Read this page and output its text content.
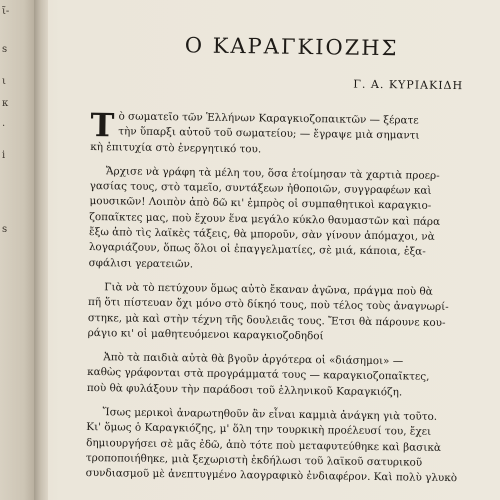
ῖ-
s
ι
κ
.
i
s
Ο ΚΑΡΑΓΚΙΟΖΗΣ
Γ. Α. ΚΥΡΙΑΚΙΔΗ
Τ ὸ σωματεῖο τῶν Ἑλλήνων Καραγκιοζοπαικτῶν — ξέρατε
τὴν ὕπαρξι αὐτοῦ τοῦ σωματείου; — ἔγραψε μιὰ σημαντι
κὴ ἐπιτυχία στὸ ἐνεργητικό του.
Ἄρχισε νὰ γράφη τὰ μέλη του, ὅσα ἑτοίμησαν τὰ χαρτιὰ προερ-
γασίας τους, στὸ ταμεῖο, συντάξεων ἠθοποιῶν, συγγραφέων καὶ
μουσικῶν! Λοιπὸν ἀπὸ δῶ κι' ἐμπρὸς οἱ συμπαθητικοὶ καραγκιο-
ζοπαῖκτες μας, ποὺ ἔχουν ἕνα μεγάλο κύκλο θαυμαστῶν καὶ πάρα
ἔξω ἀπὸ τὶς λαϊκὲς τάξεις, θὰ μποροῦν, σὰν γίνουν ἀπόμαχοι, νὰ
λογαριάζουν, ὅπως ὅλοι οἱ ἐπαγγελματίες, σὲ μιά, κάποια, ἐξα-
σφάλισι γερατειῶν.
Γιὰ νὰ τὸ πετύχουν ὅμως αὐτὸ ἔκαναν ἀγῶνα, πράγμα ποὺ θὰ
πῆ ὅτι πίστευαν ὄχι μόνο στὸ δίκηό τους, ποὺ τέλος τοὺς ἀναγνωρί-
στηκε, μὰ καὶ στὴν τέχνη τῆς δουλειᾶς τους. Ἔτσι θὰ πάρουνε κου-
ράγιο κι' οἱ μαθητευόμενοι καραγκιοζοδηδοί
Ἀπὸ τὰ παιδιὰ αὐτὰ θὰ βγοῦν ἀργότερα οἱ «διάσημοι» —
καθὼς γράφονται στὰ προγράμματά τους — καραγκιοζοπαῖκτες,
ποὺ θὰ φυλάξουν τὴν παράδοσι τοῦ ἑλληνικοῦ Καραγκιόζη.
Ἴσως μερικοὶ ἀναρωτηθοῦν ἂν εἶναι καμμιὰ ἀνάγκη γιὰ τοῦτο.
Κι' ὅμως ὁ Καραγκιόζης, μ' ὅλη την τουρκικὴ προέλευσί του, ἔχει
δημιουργήσει σὲ μᾶς ἐδῶ, ἀπὸ τότε ποὺ μεταφυτεύθηκε καὶ βασικὰ
τροποποιήθηκε, μιὰ ξεχωριστὴ ἐκδήλωσι τοῦ λαϊκοῦ σατυρικοῦ
συνδιασμοῦ μὲ ἀνεπτυγμένο λαογραφικὸ ἐνδιαφέρον. Καὶ πολὺ γλυκὸ
